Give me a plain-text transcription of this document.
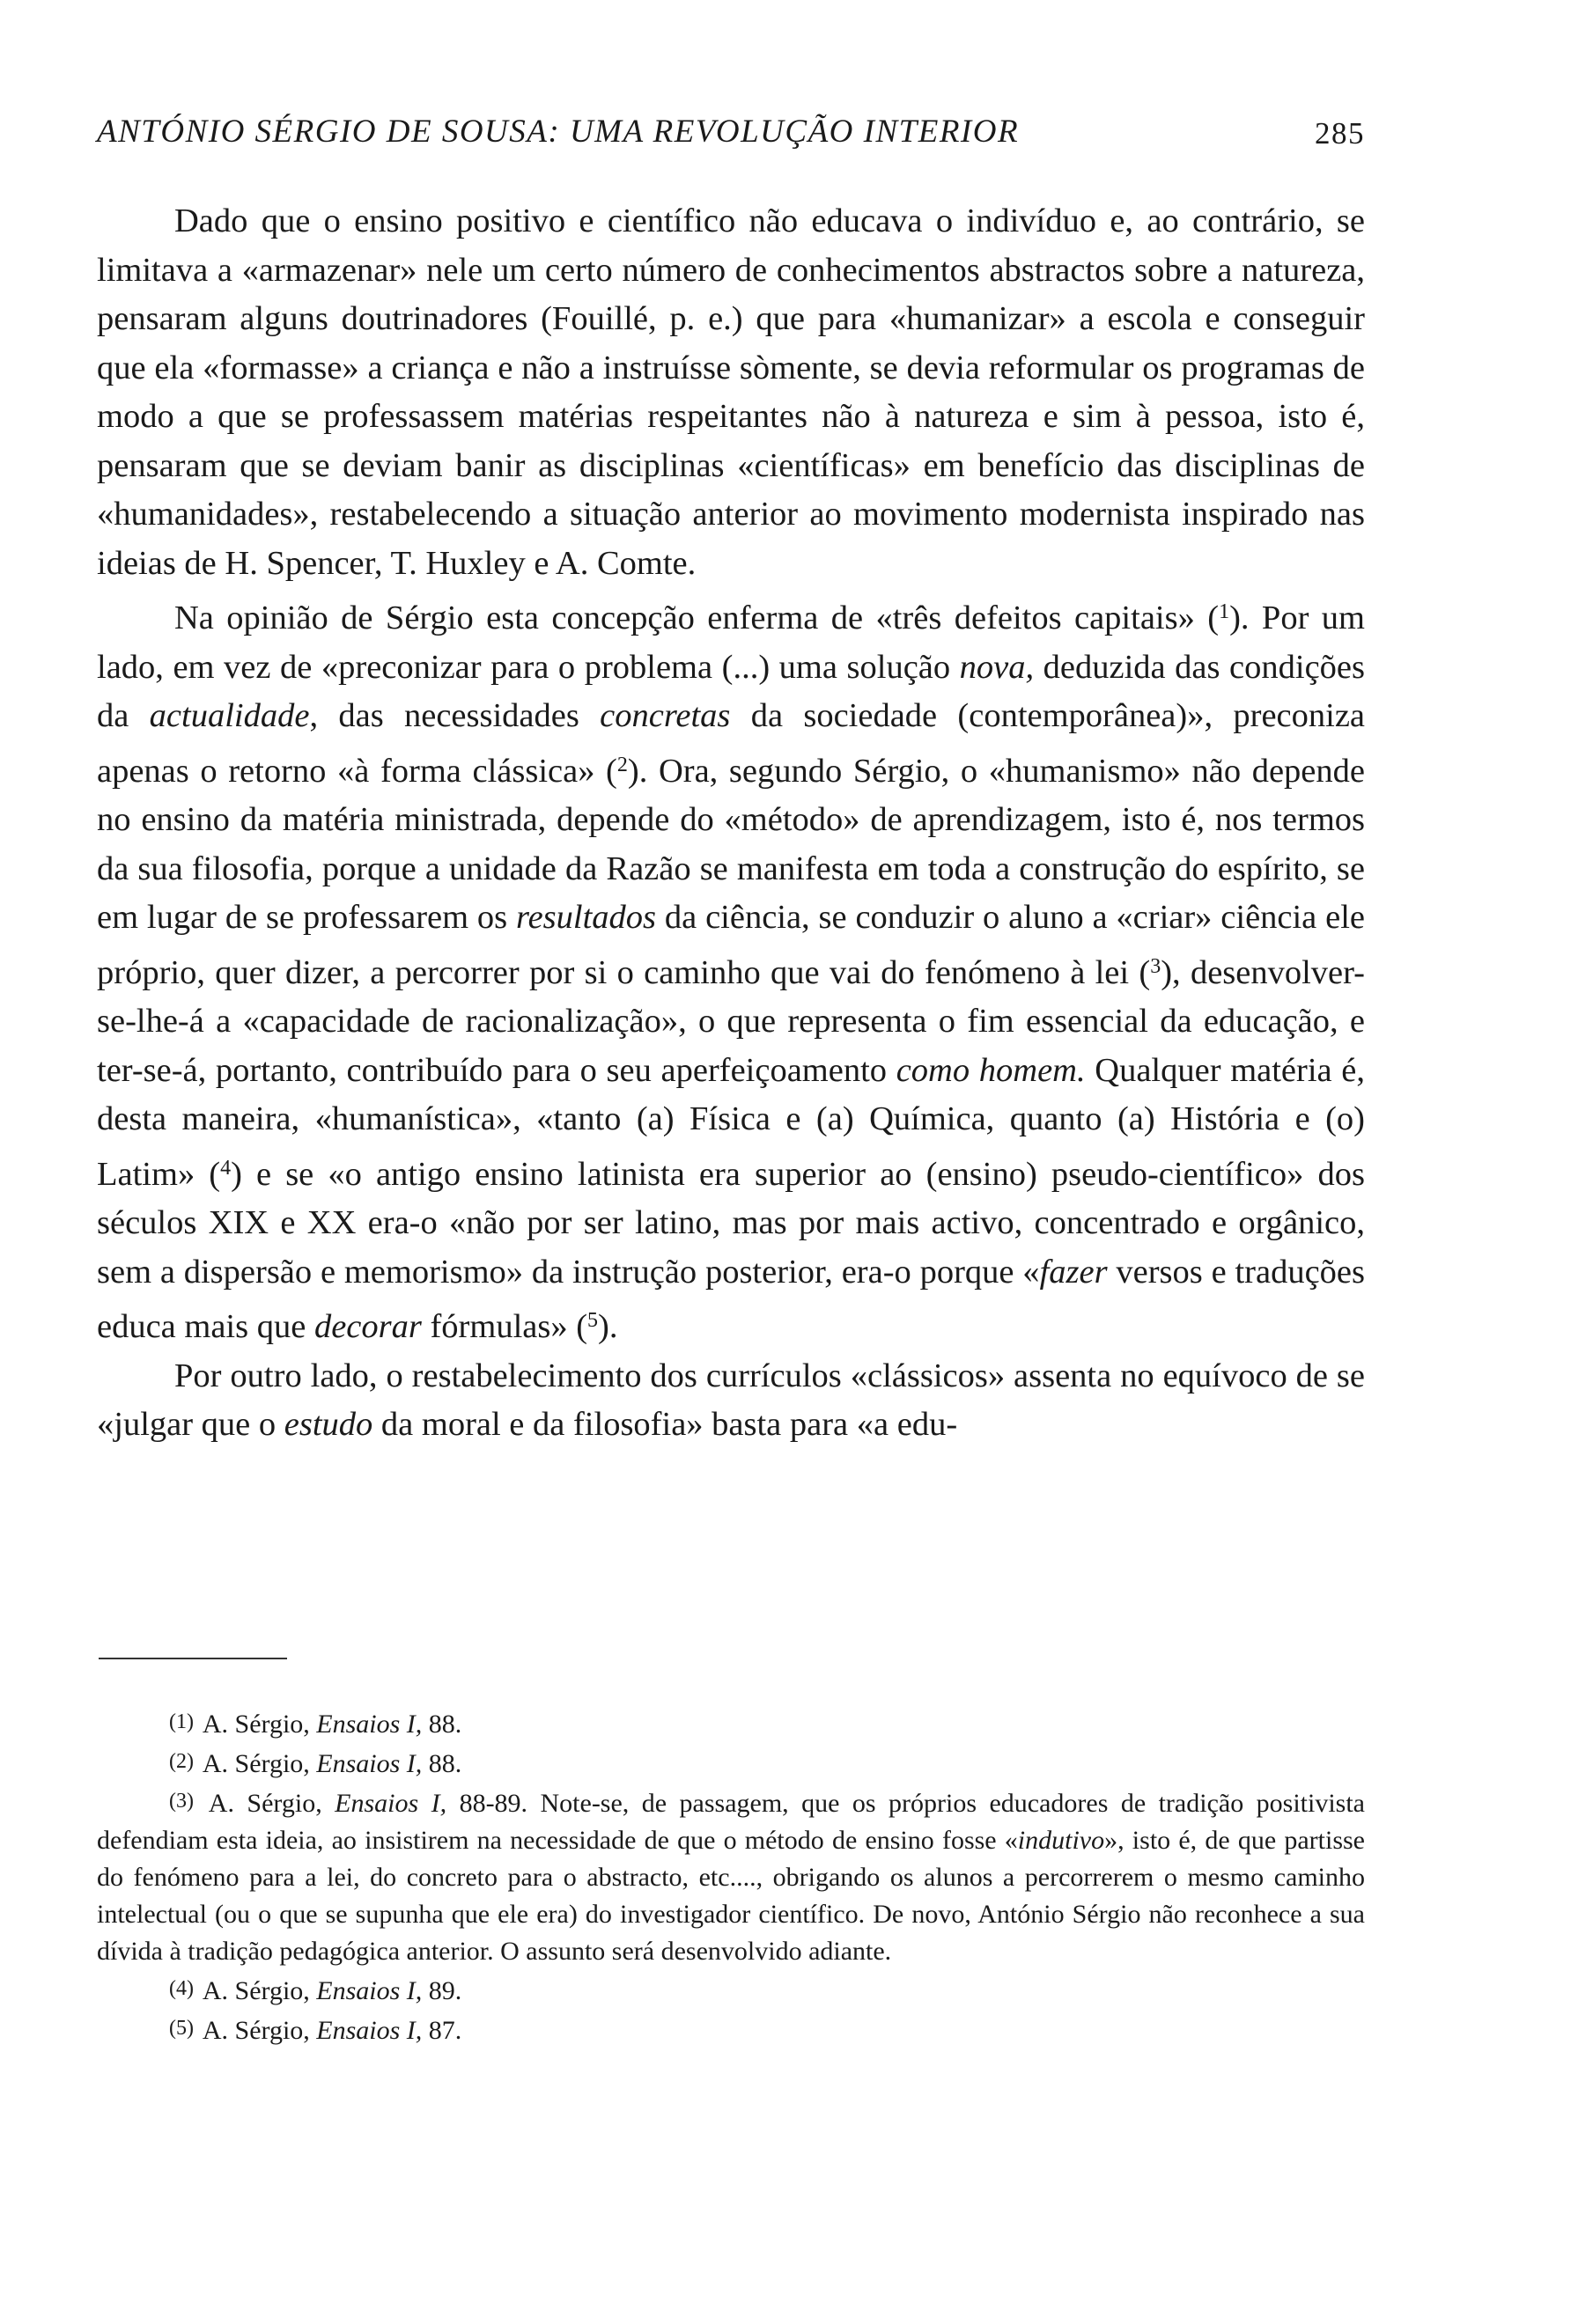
ANTÓNIO SÉRGIO DE SOUSA: UMA REVOLUÇÃO INTERIOR	285

Dado que o ensino positivo e científico não educava o indivíduo e, ao contrário, se limitava a «armazenar» nele um certo número de conhecimentos abstractos sobre a natureza, pensaram alguns doutrinadores (Fouillé, p. e.) que para «humanizar» a escola e conseguir que ela «formasse» a criança e não a instruísse sòmente, se devia reformular os programas de modo a que se professassem matérias respeitantes não à natureza e sim à pessoa, isto é, pensaram que se deviam banir as disciplinas «científicas» em benefício das disciplinas de «humanidades», restabelecendo a situação anterior ao movimento modernista inspirado nas ideias de H. Spencer, T. Huxley e A. Comte.

Na opinião de Sérgio esta concepção enferma de «três defeitos capitais» ($^1$). Por um lado, em vez de «preconizar para o problema (...) uma solução nova, deduzida das condições da actualidade, das necessidades concretas da sociedade (contemporânea)», preconiza apenas o retorno «à forma clássica» ($^2$). Ora, segundo Sérgio, o «humanismo» não depende no ensino da matéria ministrada, depende do «método» de aprendizagem, isto é, nos termos da sua filosofia, porque a unidade da Razão se manifesta em toda a construção do espírito, se em lugar de se professarem os resultados da ciência, se conduzir o aluno a «criar» ciência ele próprio, quer dizer, a percorrer por si o caminho que vai do fenómeno à lei ($^3$), desenvolver-se-lhe-á a «capacidade de racionalização», o que representa o fim essencial da educação, e ter-se-á, portanto, contribuído para o seu aperfeiçoamento como homem. Qualquer matéria é, desta maneira, «humanística», «tanto (a) Física e (a) Química, quanto (a) História e (o) Latim» ($^4$) e se «o antigo ensino latinista era superior ao (ensino) pseudo-científico» dos séculos XIX e XX era-o «não por ser latino, mas por mais activo, concentrado e orgânico, sem a dispersão e memorismo» da instrução posterior, era-o porque «fazer versos e traduções educa mais que decorar fórmulas» ($^5$).

Por outro lado, o restabelecimento dos currículos «clássicos» assenta no equívoco de se «julgar que o estudo da moral e da filosofia» basta para «a edu-

(1) A. Sérgio, Ensaios I, 88.

(2) A. Sérgio, Ensaios I, 88.

(3) A. Sérgio, Ensaios I, 88-89. Note-se, de passagem, que os próprios educadores de tradição positivista defendiam esta ideia, ao insistirem na necessidade de que o método de ensino fosse «indutivo», isto é, de que partisse do fenómeno para a lei, do concreto para o abstracto, etc...., obrigando os alunos a percorrerem o mesmo caminho intelectual (ou o que se supunha que ele era) do investigador científico. De novo, António Sérgio não reconhece a sua dívida à tradição pedagógica anterior. O assunto será desenvolvido adiante.

(4) A. Sérgio, Ensaios I, 89.

(5) A. Sérgio, Ensaios I, 87.
